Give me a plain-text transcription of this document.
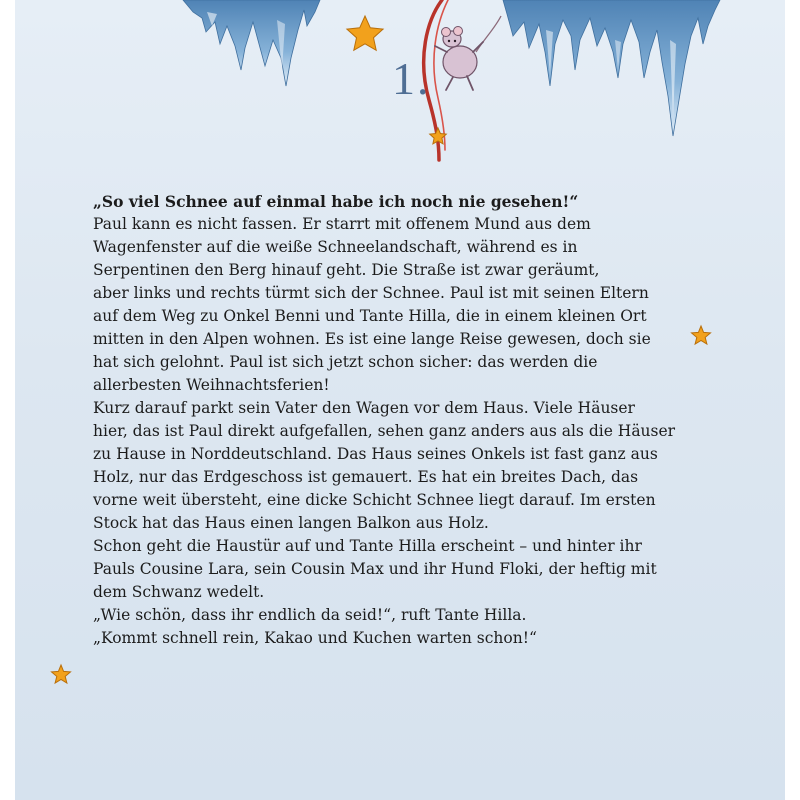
1.

„So viel Schnee auf einmal habe ich noch nie gesehen!“

Paul kann es nicht fassen. Er starrt mit offenem Mund aus dem
Wagenfenster auf die weiße Schneelandschaft, während es in
Serpentinen den Berg hinauf geht. Die Straße ist zwar geräumt,
aber links und rechts türmt sich der Schnee. Paul ist mit seinen Eltern
auf dem Weg zu Onkel Benni und Tante Hilla, die in einem kleinen Ort
mitten in den Alpen wohnen. Es ist eine lange Reise gewesen, doch sie
hat sich gelohnt. Paul ist sich jetzt schon sicher: das werden die
allerbesten Weihnachtsferien!

Kurz darauf parkt sein Vater den Wagen vor dem Haus. Viele Häuser
hier, das ist Paul direkt aufgefallen, sehen ganz anders aus als die Häuser
zu Hause in Norddeutschland. Das Haus seines Onkels ist fast ganz aus
Holz, nur das Erdgeschoss ist gemauert. Es hat ein breites Dach, das
vorne weit übersteht, eine dicke Schicht Schnee liegt darauf. Im ersten
Stock hat das Haus einen langen Balkon aus Holz.

Schon geht die Haustür auf und Tante Hilla erscheint – und hinter ihr
Pauls Cousine Lara, sein Cousin Max und ihr Hund Floki, der heftig mit
dem Schwanz wedelt.

„Wie schön, dass ihr endlich da seid!“, ruft Tante Hilla.
„Kommt schnell rein, Kakao und Kuchen warten schon!“
